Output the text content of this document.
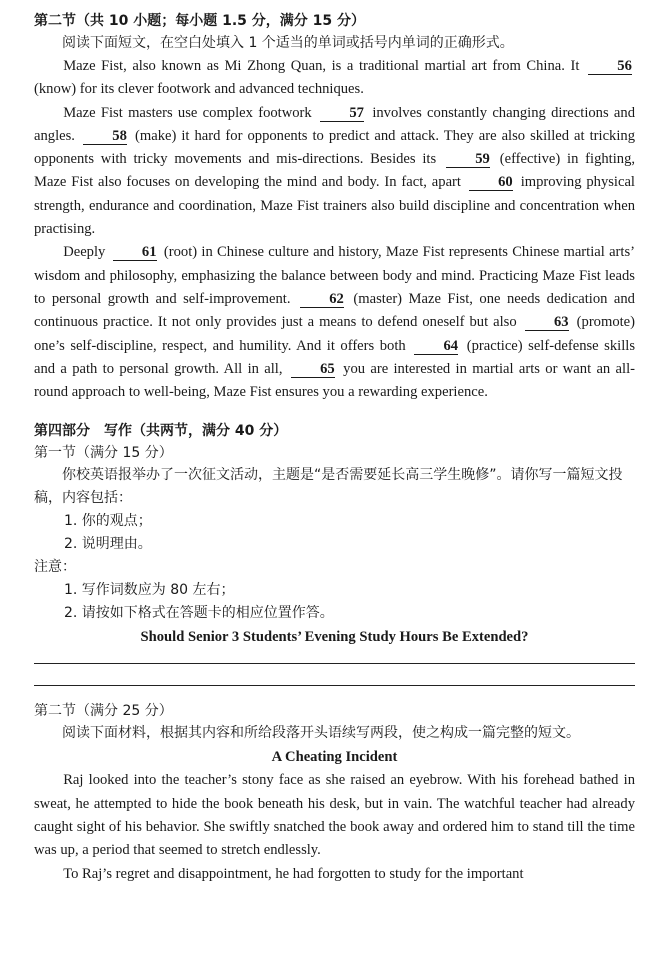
第二节（共 10 小题；每小题 1.5 分，满分 15 分）
阅读下面短文，在空白处填入 1 个适当的单词或括号内单词的正确形式。

Maze Fist, also known as Mi Zhong Quan, is a traditional martial art from China. It	56 (know) for its clever footwork and advanced techniques.

Maze Fist masters use complex footwork	57 involves constantly changing directions and angles.	58 (make) it hard for opponents to predict and attack. They are also skilled at tricking opponents with tricky movements and mis-directions. Besides its	59 (effective) in fighting, Maze Fist also focuses on developing the mind and body. In fact, apart	60 improving physical strength, endurance and coordination, Maze Fist trainers also build discipline and concentration when practising.

Deeply	61 (root) in Chinese culture and history, Maze Fist represents Chinese martial arts’ wisdom and philosophy, emphasizing the balance between body and mind. Practicing Maze Fist leads to personal growth and self-improvement.	62 (master) Maze Fist, one needs dedication and continuous practice. It not only provides just a means to defend oneself but also	63 (promote) one’s self-discipline, respect, and humility. And it offers both	64 (practice) self-defense skills and a path to personal growth. All in all,	65 you are interested in martial arts or want an all-round approach to well-being, Maze Fist ensures you a rewarding experience.

第四部分　写作（共两节，满分 40 分）
第一节（满分 15 分）
你校英语报举办了一次征文活动，主题是“是否需要延长高三学生晚修”。请你写一篇短文投稿，内容包括：
1. 你的观点；
2. 说明理由。
注意：
1. 写作词数应为 80 左右；
2. 请按如下格式在答题卡的相应位置作答。
Should Senior 3 Students’ Evening Study Hours Be Extended?
第二节（满分 25 分）
阅读下面材料，根据其内容和所给段落开头语续写两段，使之构成一篇完整的短文。
A Cheating Incident

Raj looked into the teacher’s stony face as she raised an eyebrow. With his forehead bathed in sweat, he attempted to hide the book beneath his desk, but in vain. The watchful teacher had already caught sight of his behavior. She swiftly snatched the book away and ordered him to stand till the time was up, a period that seemed to stretch endlessly.

To Raj’s regret and disappointment, he had forgotten to study for the important
